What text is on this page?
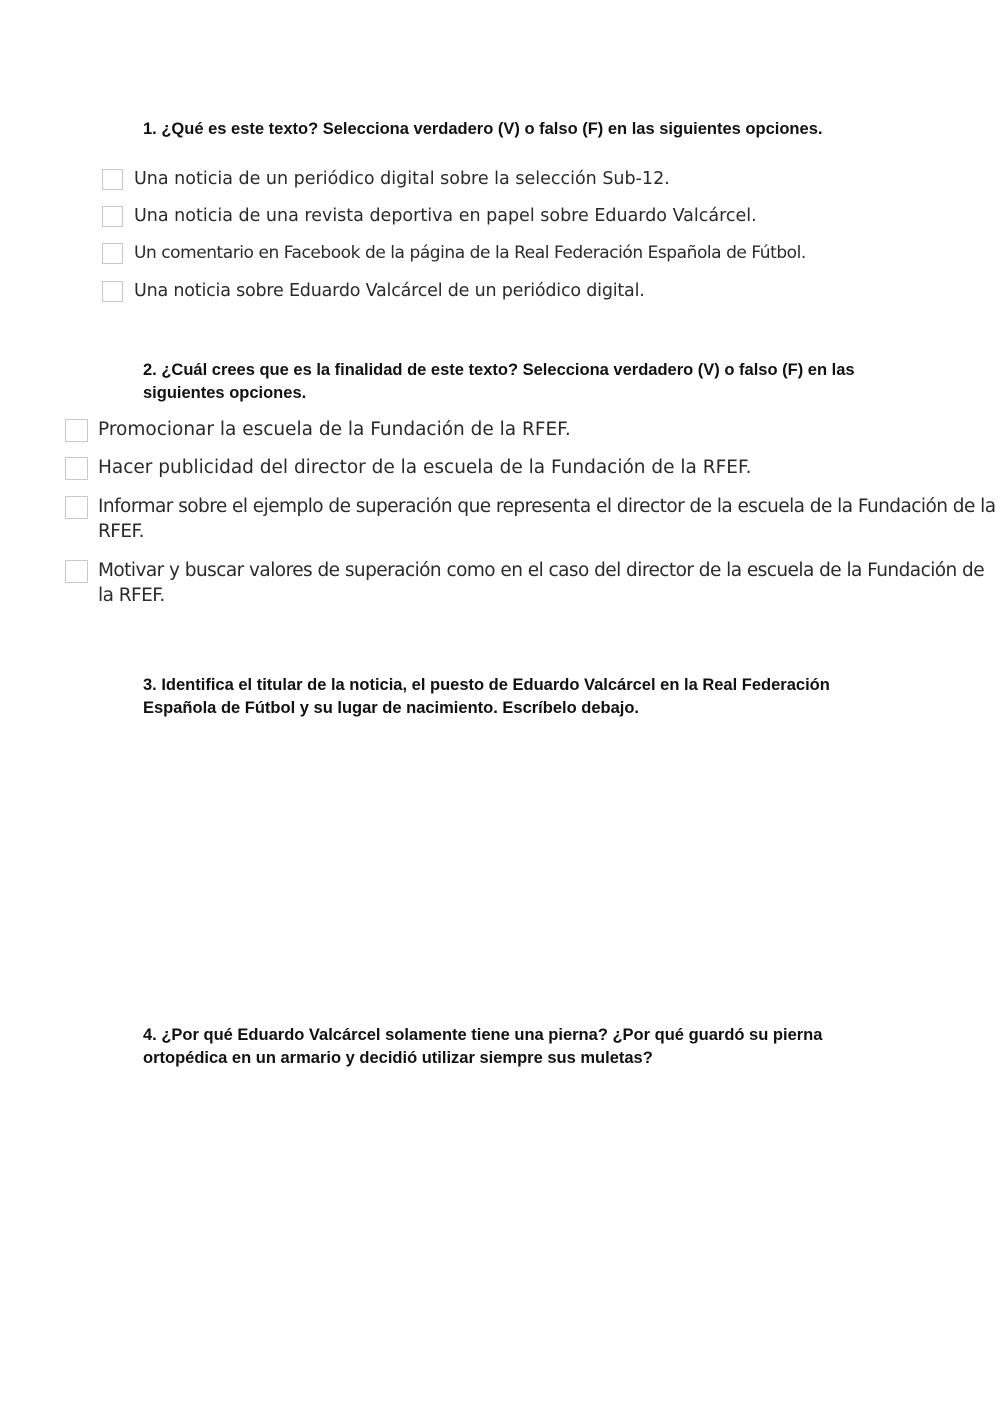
1. ¿Qué es este texto? Selecciona verdadero (V) o falso (F) en las siguientes opciones.

Una noticia de un periódico digital sobre la selección Sub-12.
Una noticia de una revista deportiva en papel sobre Eduardo Valcárcel.
Un comentario en Facebook de la página de la Real Federación Española de Fútbol.
Una noticia sobre Eduardo Valcárcel de un periódico digital.

2. ¿Cuál crees que es la finalidad de este texto? Selecciona verdadero (V) o falso (F) en las siguientes opciones.

Promocionar la escuela de la Fundación de la RFEF.
Hacer publicidad del director de la escuela de la Fundación de la RFEF.
Informar sobre el ejemplo de superación que representa el director de la escuela de la Fundación de la RFEF.
Motivar y buscar valores de superación como en el caso del director de la escuela de la Fundación de la RFEF.

3. Identifica el titular de la noticia, el puesto de Eduardo Valcárcel en la Real Federación Española de Fútbol y su lugar de nacimiento. Escríbelo debajo.

4. ¿Por qué Eduardo Valcárcel solamente tiene una pierna? ¿Por qué guardó su pierna ortopédica en un armario y decidió utilizar siempre sus muletas?
